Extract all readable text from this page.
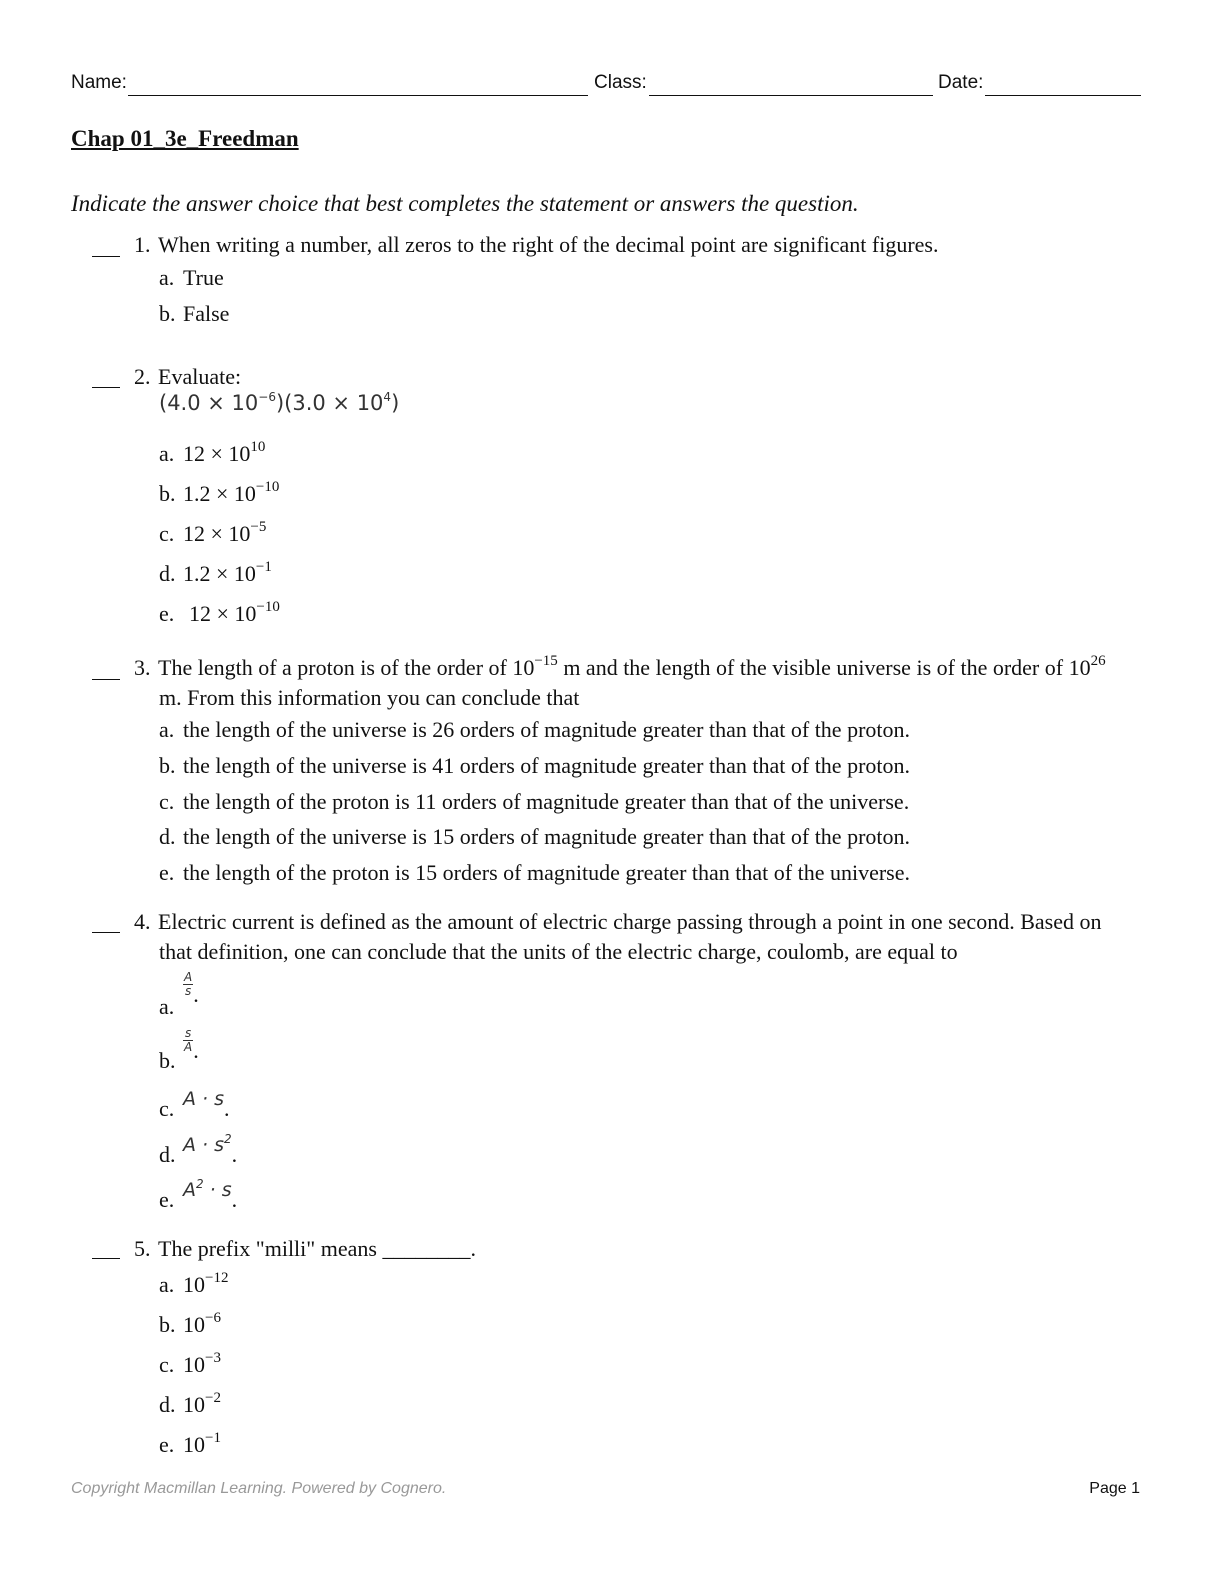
Name:	Class:	Date:
Chap 01_3e_Freedman
Indicate the answer choice that best completes the statement or answers the question.
1. When writing a number, all zeros to the right of the decimal point are significant figures.
a. True
b. False
2. Evaluate:
$(4.0 \times 10^{-6})(3.0 \times 10^4)$
a. $12 \times 10^{10}$
b. $1.2 \times 10^{-10}$
c. $12 \times 10^{-5}$
d. $1.2 \times 10^{-1}$
e. $12 \times 10^{-10}$
3. The length of a proton is of the order of $10^{-15}$ m and the length of the visible universe is of the order of $10^{26}$
m. From this information you can conclude that
a. the length of the universe is 26 orders of magnitude greater than that of the proton.
b. the length of the universe is 41 orders of magnitude greater than that of the proton.
c. the length of the proton is 11 orders of magnitude greater than that of the universe.
d. the length of the universe is 15 orders of magnitude greater than that of the proton.
e. the length of the proton is 15 orders of magnitude greater than that of the universe.
4. Electric current is defined as the amount of electric charge passing through a point in one second. Based on
that definition, one can conclude that the units of the electric charge, coulomb, are equal to
a.
$\frac{A}{s}$ .
b.
$\frac{s}{A}$ .
c. A · s.
d. $A \cdot s^2$.
e. $A^2 \cdot s$.
5. The prefix "milli" means ________.
a. $10^{-12}$
b. $10^{-6}$
c. $10^{-3}$
d. $10^{-2}$
e. $10^{-1}$
Copyright Macmillan Learning. Powered by Cognero.	Page 1
